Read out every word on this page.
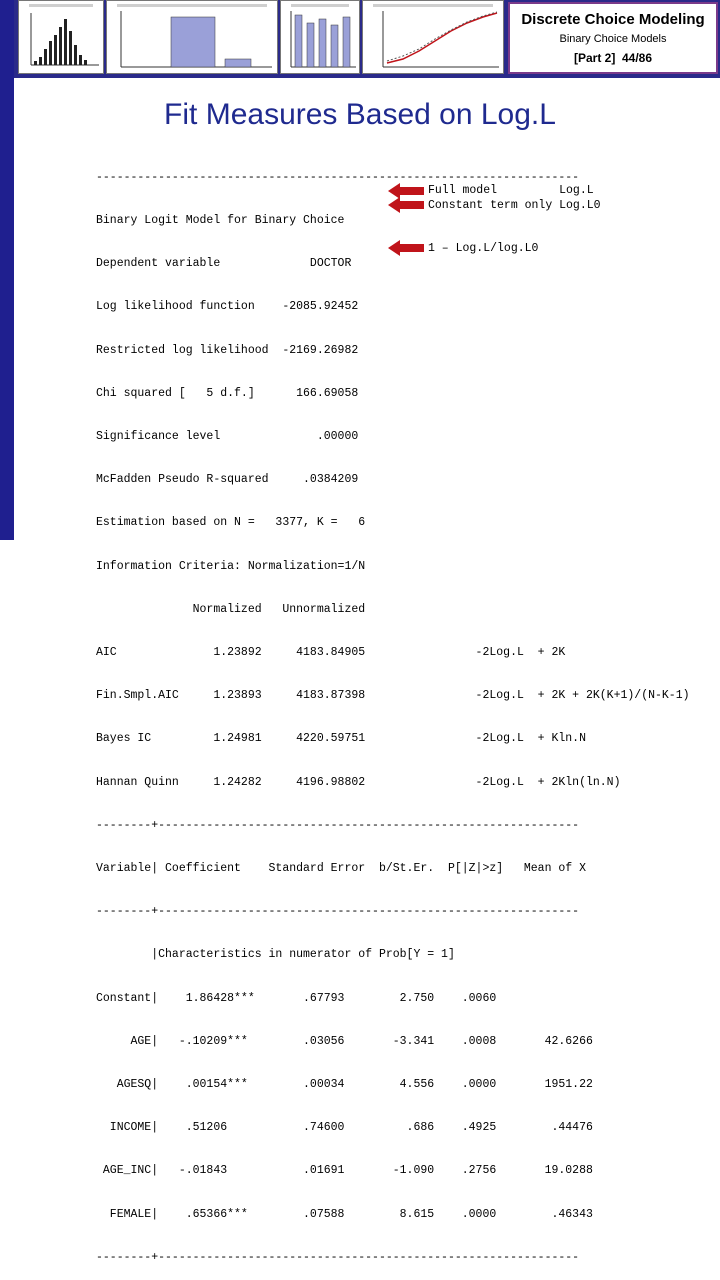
Discrete Choice Modeling
Binary Choice Models
[Part 2] 44/86
Fit Measures Based on Log.L

----------------------------------------------------------------------

Binary Logit Model for Binary Choice

Dependent variable             DOCTOR

Log likelihood function    -2085.92452

Restricted log likelihood  -2169.26982

Chi squared [   5 d.f.]      166.69058

Significance level              .00000

McFadden Pseudo R-squared     .0384209

Estimation based on N =   3377, K =   6

Information Criteria: Normalization=1/N

Normalized   Unnormalized

AIC              1.23892     4183.84905                -2Log.L  + 2K

Fin.Smpl.AIC     1.23893     4183.87398                -2Log.L  + 2K + 2K(K+1)/(N-K-1)

Bayes IC         1.24981     4220.59751                -2Log.L  + Kln.N

Hannan Quinn     1.24282     4196.98802                -2Log.L  + 2Kln(ln.N)

--------+-------------------------------------------------------------

Variable| Coefficient    Standard Error  b/St.Er.  P[|Z|>z]   Mean of X

--------+-------------------------------------------------------------

|Characteristics in numerator of Prob[Y = 1]

Constant|    1.86428***       .67793        2.750    .0060

AGE|   -.10209***        .03056       -3.341    .0008       42.6266

AGESQ|    .00154***        .00034        4.556    .0000       1951.22

INCOME|    .51206           .74600         .686    .4925        .44476

AGE_INC|   -.01843           .01691       -1.090    .2756       19.0288

FEMALE|    .65366***        .07588        8.615    .0000        .46343

--------+-------------------------------------------------------------

Full model         Log.L
Constant term only Log.L0
1 – Log.L/log.L0
